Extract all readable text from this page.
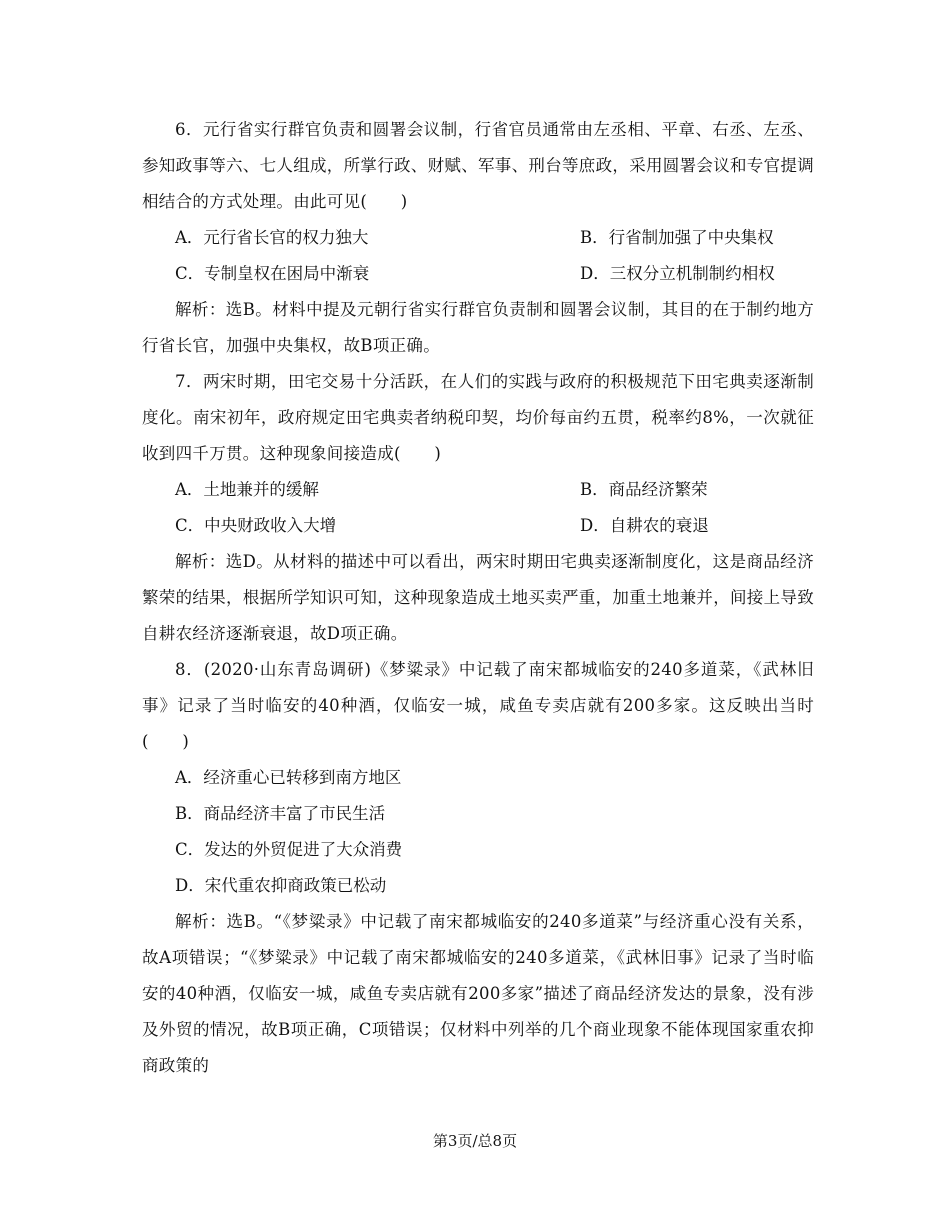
6．元行省实行群官负责和圆署会议制，行省官员通常由左丞相、平章、右丞、左丞、参知政事等六、七人组成，所掌行政、财赋、军事、刑台等庶政，采用圆署会议和专官提调相结合的方式处理。由此可见(　　)

A．元行省长官的权力独大	B．行省制加强了中央集权
C．专制皇权在困局中渐衰	D．三权分立机制制约相权

解析：选B。材料中提及元朝行省实行群官负责制和圆署会议制，其目的在于制约地方行省长官，加强中央集权，故B项正确。

7．两宋时期，田宅交易十分活跃，在人们的实践与政府的积极规范下田宅典卖逐渐制度化。南宋初年，政府规定田宅典卖者纳税印契，均价每亩约五贯，税率约8%，一次就征收到四千万贯。这种现象间接造成(　　)

A．土地兼并的缓解	B．商品经济繁荣
C．中央财政收入大增	D．自耕农的衰退

解析：选D。从材料的描述中可以看出，两宋时期田宅典卖逐渐制度化，这是商品经济繁荣的结果，根据所学知识可知，这种现象造成土地买卖严重，加重土地兼并，间接上导致自耕农经济逐渐衰退，故D项正确。

8．(2020·山东青岛调研)《梦粱录》中记载了南宋都城临安的240多道菜，《武林旧事》记录了当时临安的40种酒，仅临安一城，咸鱼专卖店就有200多家。这反映出当时(　　)

A．经济重心已转移到南方地区
B．商品经济丰富了市民生活
C．发达的外贸促进了大众消费
D．宋代重农抑商政策已松动

解析：选B。“《梦粱录》中记载了南宋都城临安的240多道菜”与经济重心没有关系，故A项错误；“《梦粱录》中记载了南宋都城临安的240多道菜，《武林旧事》记录了当时临安的40种酒，仅临安一城，咸鱼专卖店就有200多家”描述了商品经济发达的景象，没有涉及外贸的情况，故B项正确，C项错误；仅材料中列举的几个商业现象不能体现国家重农抑商政策的

第3页/总8页
